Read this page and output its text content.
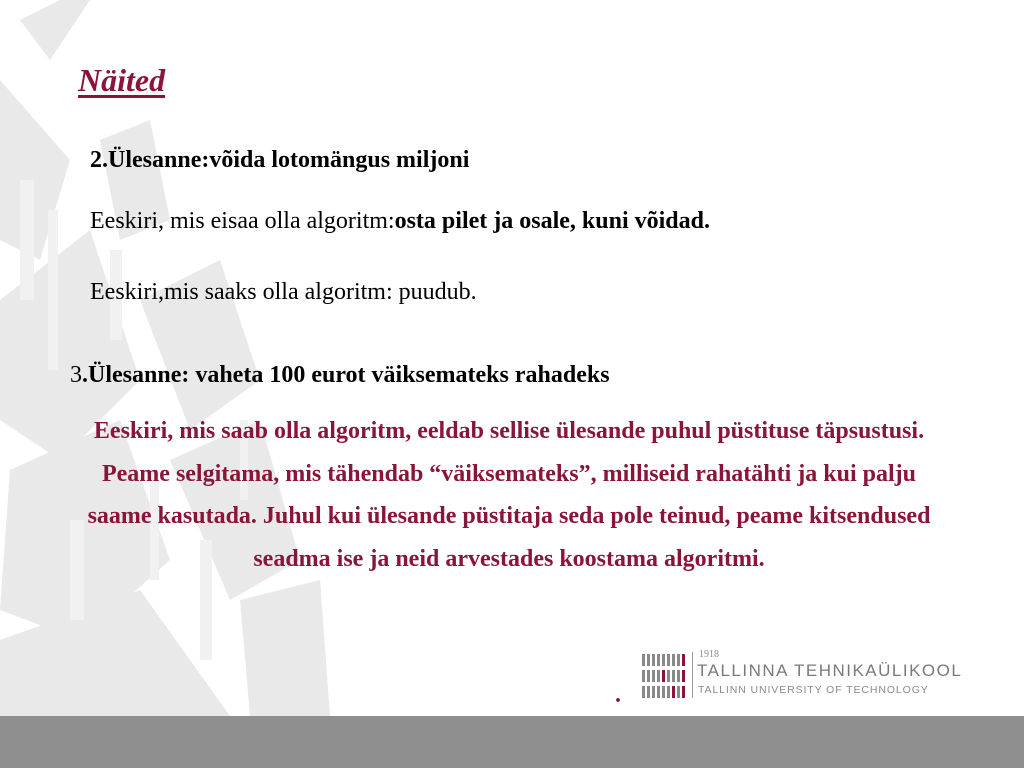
Näited

2.Ülesanne:võida lotomängus miljoni

Eeskiri, mis eisaa olla algoritm:osta pilet ja osale, kuni võidad.

Eeskiri,mis saaks olla algoritm: puudub.

3.Ülesanne: vaheta 100 eurot väiksemateks rahadeks

Eeskiri, mis saab olla algoritm, eeldab sellise ülesande puhul püstituse täpsustusi. Peame selgitama, mis tähendab “väiksemateks”, milliseid rahatähti ja kui palju saame kasutada. Juhul kui ülesande püstitaja seda pole teinud, peame kitsendused seadma ise ja neid arvestades koostama algoritmi.

.
1918
TALLINNA TEHNIKAÜLIKOOL
TALLINN UNIVERSITY OF TECHNOLOGY
